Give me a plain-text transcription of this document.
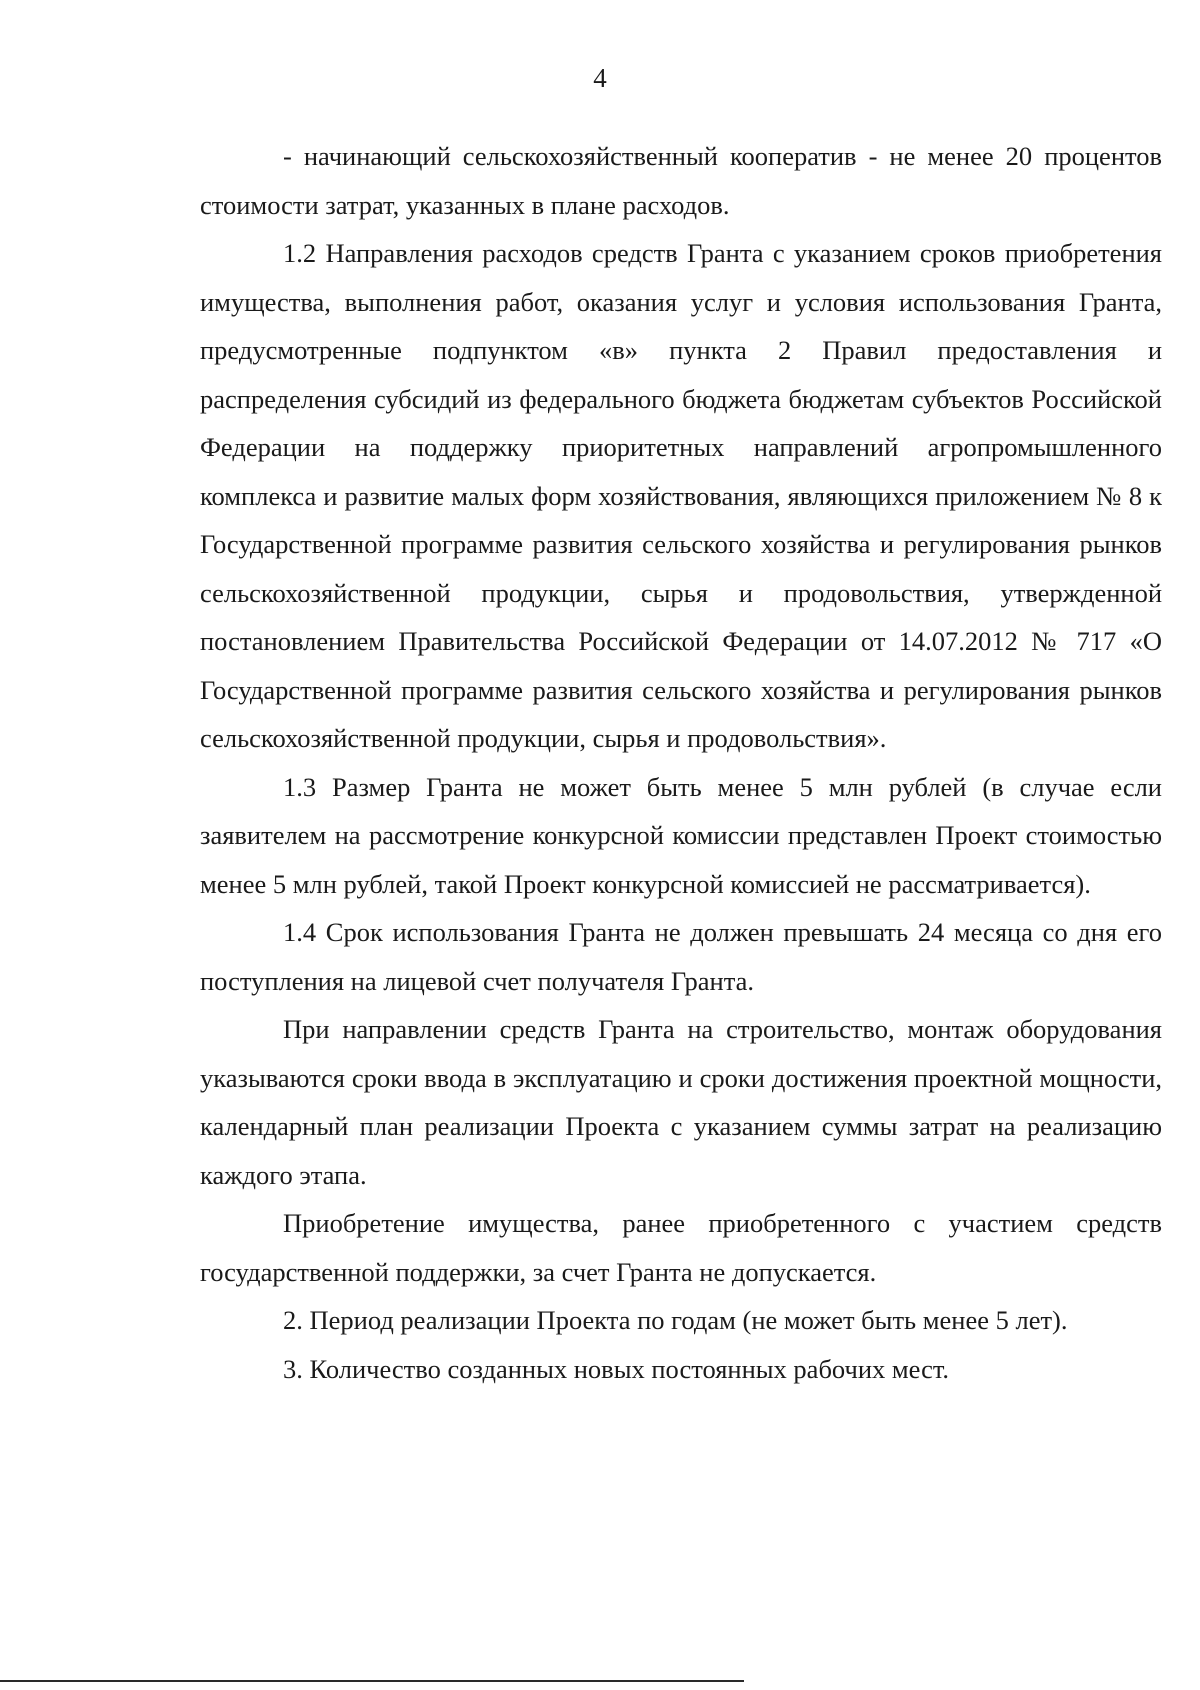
4

- начинающий сельскохозяйственный кооператив - не менее 20 процентов стоимости затрат, указанных в плане расходов.

1.2 Направления расходов средств Гранта с указанием сроков приобретения имущества, выполнения работ, оказания услуг и условия использования Гранта, предусмотренные подпунктом «в» пункта 2 Правил предоставления и распределения субсидий из федерального бюджета бюджетам субъектов Российской Федерации на поддержку приоритетных направлений агропромышленного комплекса и развитие малых форм хозяйствования, являющихся приложением № 8 к Государственной программе развития сельского хозяйства и регулирования рынков сельскохозяйственной продукции, сырья и продовольствия, утвержденной постановлением Правительства Российской Федерации от 14.07.2012 № 717 «О Государственной программе развития сельского хозяйства и регулирования рынков сельскохозяйственной продукции, сырья и продовольствия».

1.3 Размер Гранта не может быть менее 5 млн рублей (в случае если заявителем на рассмотрение конкурсной комиссии представлен Проект стоимостью менее 5 млн рублей, такой Проект конкурсной комиссией не рассматривается).

1.4 Срок использования Гранта не должен превышать 24 месяца со дня его поступления на лицевой счет получателя Гранта.

При направлении средств Гранта на строительство, монтаж оборудования указываются сроки ввода в эксплуатацию и сроки достижения проектной мощности, календарный план реализации Проекта с указанием суммы затрат на реализацию каждого этапа.

Приобретение имущества, ранее приобретенного с участием средств государственной поддержки, за счет Гранта не допускается.

2. Период реализации Проекта по годам (не может быть менее 5 лет).

3. Количество созданных новых постоянных рабочих мест.
